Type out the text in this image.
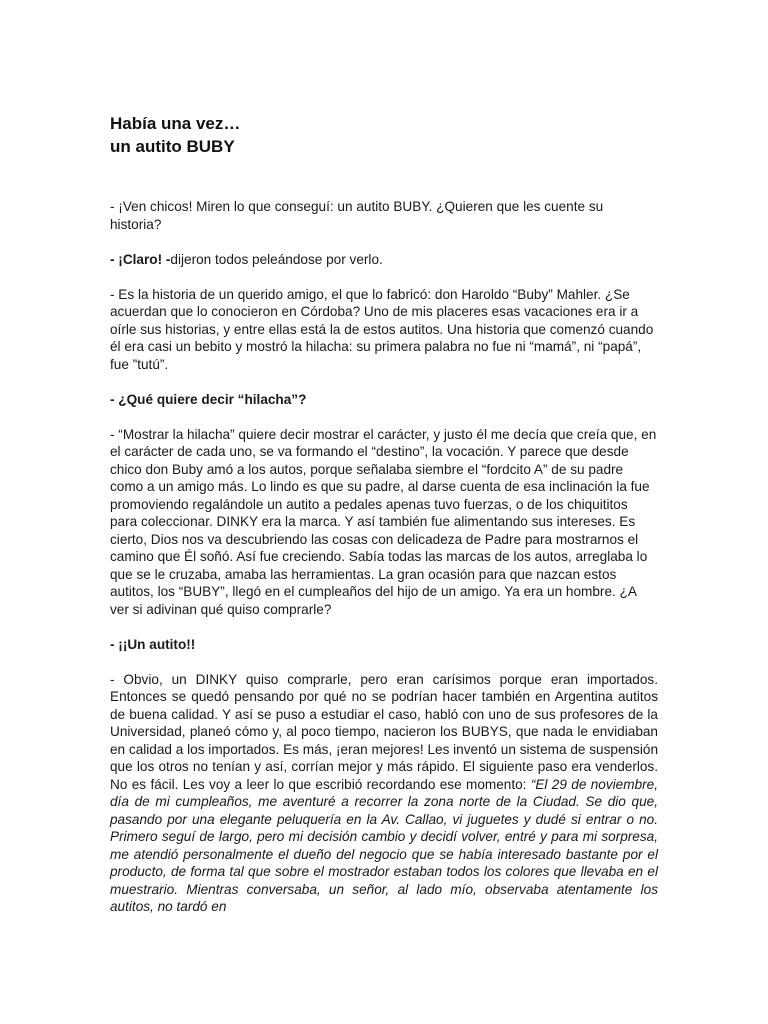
Había una vez…
un autito BUBY

- ¡Ven chicos! Miren lo que conseguí: un autito BUBY. ¿Quieren que les cuente su historia?

- ¡Claro! -dijeron todos peleándose por verlo.

- Es la historia de un querido amigo, el que lo fabricó: don Haroldo “Buby” Mahler. ¿Se acuerdan que lo conocieron en Córdoba? Uno de mis placeres esas vacaciones era ir a oírle sus historias, y entre ellas está la de estos autitos. Una historia que comenzó cuando él era casi un bebito y mostró la hilacha: su primera palabra no fue ni “mamá”, ni “papá”, fue ”tutú”.

- ¿Qué quiere decir “hilacha”?

- “Mostrar la hilacha” quiere decir mostrar el carácter, y justo él me decía que creía que, en el carácter de cada uno, se va formando el “destino”, la vocación. Y parece que desde chico don Buby amó a los autos, porque señalaba siembre el “fordcito A” de su padre como a un amigo más. Lo lindo es que su padre, al darse cuenta de esa inclinación la fue promoviendo regalándole un autito a pedales apenas tuvo fuerzas, o de los chiquititos para coleccionar. DINKY era la marca. Y así también fue alimentando sus intereses. Es cierto, Dios nos va descubriendo las cosas con delicadeza de Padre para mostrarnos el camino que Él soñó. Así fue creciendo. Sabía todas las marcas de los autos, arreglaba lo que se le cruzaba, amaba las herramientas. La gran ocasión para que nazcan estos autitos, los “BUBY”, llegó en el cumpleaños del hijo de un amigo. Ya era un hombre. ¿A ver si adivinan qué quiso comprarle?

- ¡¡Un autito!!

- Obvio, un DINKY quiso comprarle, pero eran carísimos porque eran importados. Entonces se quedó pensando por qué no se podrían hacer también en Argentina autitos de buena calidad. Y así se puso a estudiar el caso, habló con uno de sus profesores de la Universidad, planeó cómo y, al poco tiempo, nacieron los BUBYS, que nada le envidiaban en calidad a los importados. Es más, ¡eran mejores! Les inventó un sistema de suspensión que los otros no tenían y así, corrían mejor y más rápido. El siguiente paso era venderlos. No es fácil. Les voy a leer lo que escribió recordando ese momento: “El 29 de noviembre, día de mi cumpleaños, me aventuré a recorrer la zona norte de la Ciudad. Se dio que, pasando por una elegante peluquería en la Av. Callao, vi juguetes y dudé si entrar o no. Primero seguí de largo, pero mi decisión cambio y decidí volver, entré y para mi sorpresa, me atendió personalmente el dueño del negocio que se había interesado bastante por el producto, de forma tal que sobre el mostrador estaban todos los colores que llevaba en el muestrario. Mientras conversaba, un señor, al lado mío, observaba atentamente los autitos, no tardó en
